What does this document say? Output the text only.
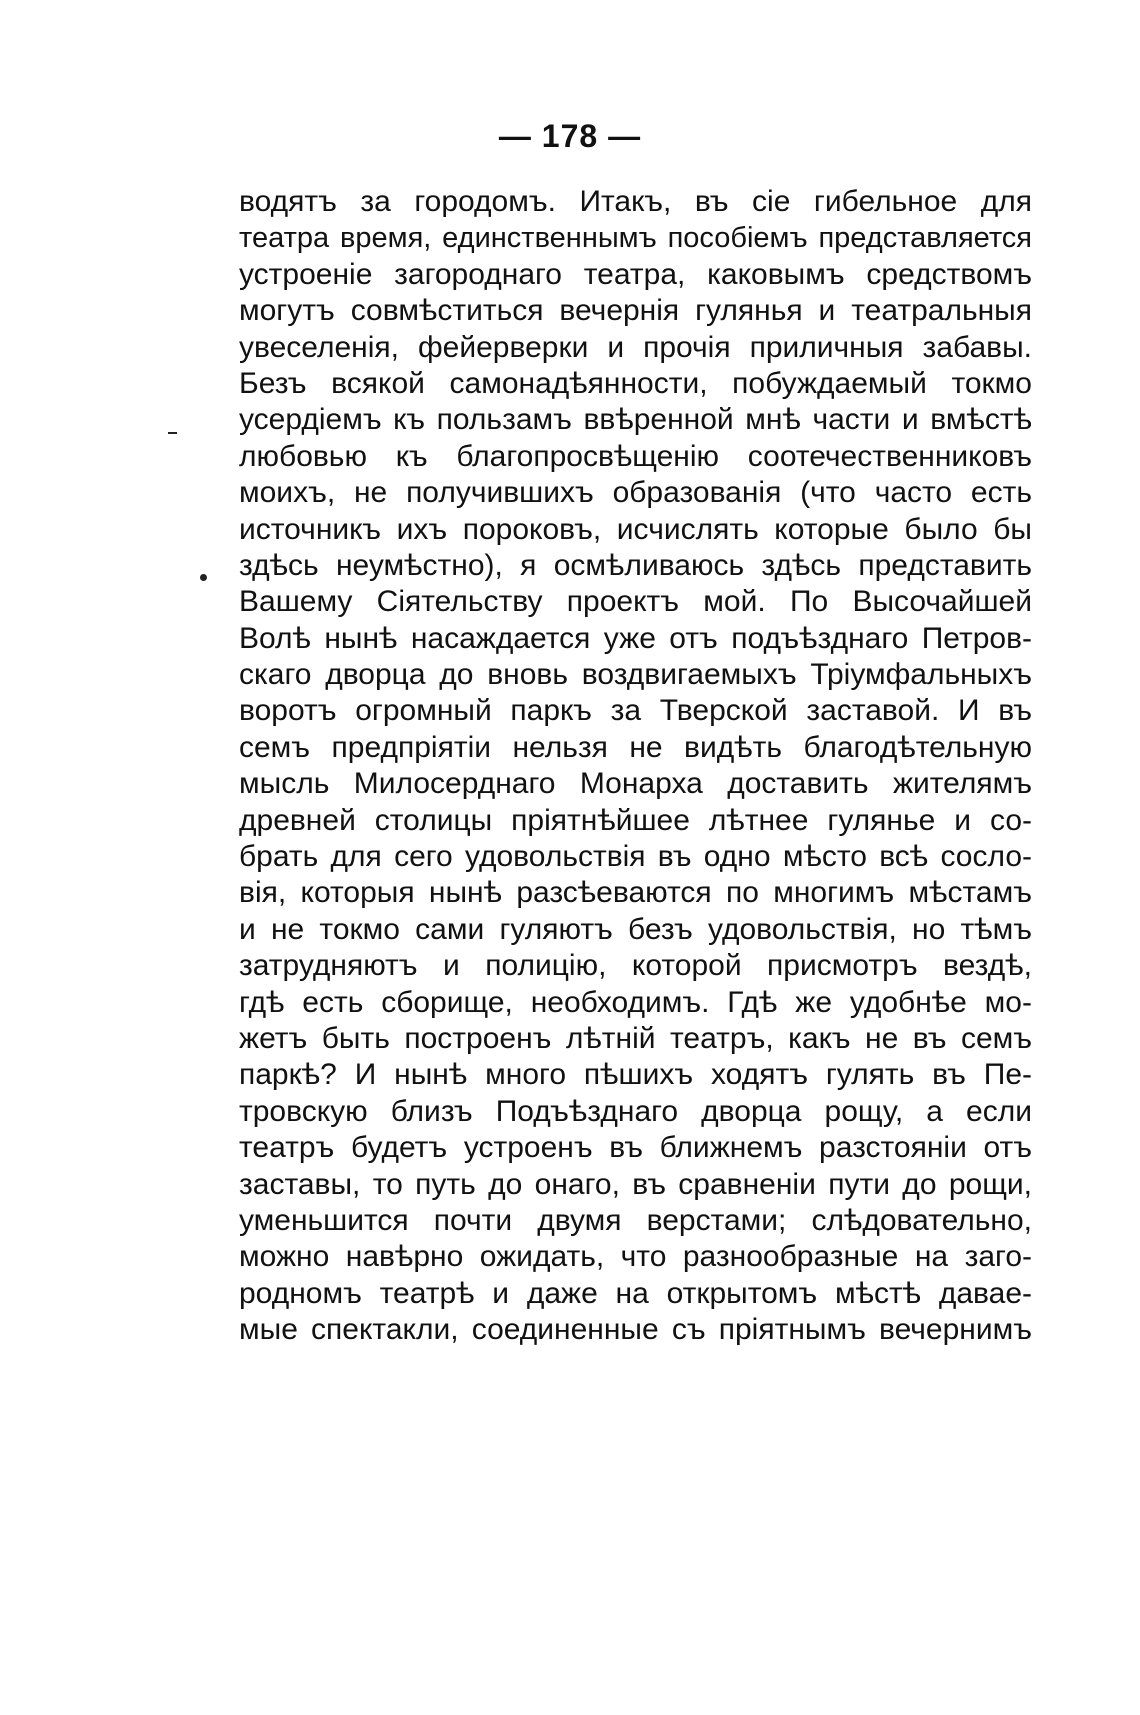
— 178 —
водятъ за городомъ. Итакъ, въ сіе гибельное для
театра время, единственнымъ пособіемъ представляется
устроеніе загороднаго театра, каковымъ средствомъ
могутъ совмѣститься вечернія гулянья и театральныя
увеселенія, фейерверки и прочія приличныя забавы.
Безъ всякой самонадѣянности, побуждаемый токмо
усердіемъ къ пользамъ ввѣренной мнѣ части и вмѣстѣ
любовью къ благопросвѣщенію соотечественниковъ
моихъ, не получившихъ образованія (что часто есть
источникъ ихъ пороковъ, исчислять которые было бы
здѣсь неумѣстно), я осмѣливаюсь здѣсь представить
Вашему Сіятельству проектъ мой. По Высочайшей
Волѣ нынѣ насаждается уже отъ подъѣзднаго Петров-
скаго дворца до вновь воздвигаемыхъ Тріумфальныхъ
воротъ огромный паркъ за Тверской заставой. И въ
семъ предпріятіи нельзя не видѣть благодѣтельную
мысль Милосерднаго Монарха доставить жителямъ
древней столицы пріятнѣйшее лѣтнее гулянье и со-
брать для сего удовольствія въ одно мѣсто всѣ сосло-
вія, которыя нынѣ разсѣеваются по многимъ мѣстамъ
и не токмо сами гуляютъ безъ удовольствія, но тѣмъ
затрудняютъ и полицію, которой присмотръ вездѣ,
гдѣ есть сборище, необходимъ. Гдѣ же удобнѣе мо-
жетъ быть построенъ лѣтній театръ, какъ не въ семъ
паркѣ? И нынѣ много пѣшихъ ходятъ гулять въ Пе-
тровскую близъ Подъѣзднаго дворца рощу, а если
театръ будетъ устроенъ въ ближнемъ разстояніи отъ
заставы, то путь до онаго, въ сравненіи пути до рощи,
уменьшится почти двумя верстами; слѣдовательно,
можно навѣрно ожидать, что разнообразные на заго-
родномъ театрѣ и даже на открытомъ мѣстѣ давае-
мые спектакли, соединенные съ пріятнымъ вечернимъ
